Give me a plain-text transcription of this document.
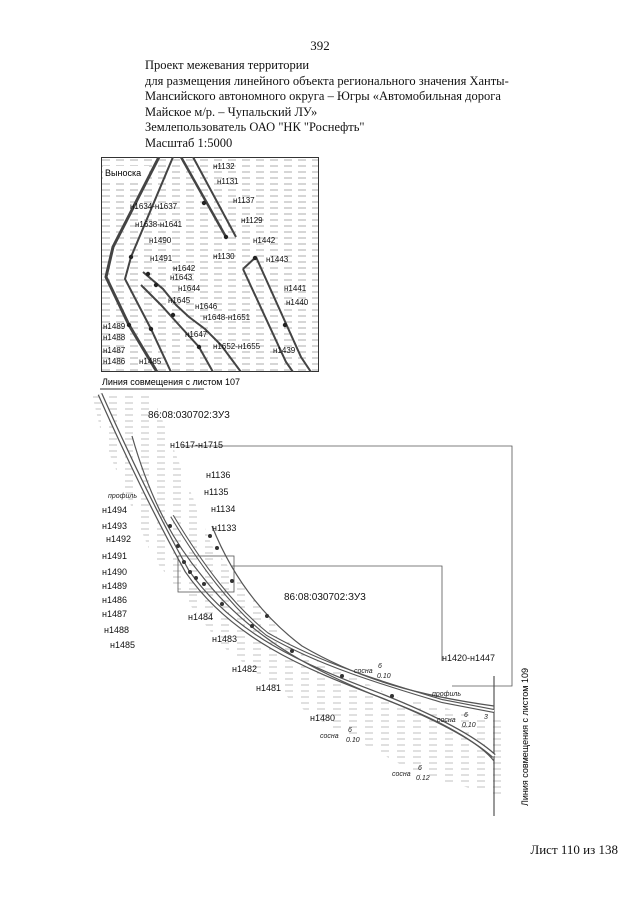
392
Проект межевания территории
для размещения линейного объекта регионального значения Ханты-
Мансийского автономного округа – Югры «Автомобильная дорога
Майское м/р. – Чупальский ЛУ»
Землепользователь ОАО "НК "Роснефть"
Масштаб 1:5000
Выноска
н1132
н1131
н1137
н1634-н1637
н1129
н1638-н1641
н1490	н1442
н1130
н1491	н1443
н1642
н1643
н1644	н1441
н1645	н1440
н1646
н1648-н1651
н1489
н1488	н1647
н1487	н1652-н1655
н1486 н1485
н1439
Линия совмещения с листом 107
Линия совмещения с листом 109
86:08:030702:ЗУ3
86:08:030702:ЗУ3
н1617-н1715
н1420-н1447
н1136
н1135
н1134
н1133
н1494
н1493
н1492
н1491
н1490
н1489
н1486
н1487
н1488
н1485
н1484
н1483
н1482
н1481
н1480
профиль
профиль
сосна
6
0.10
сосна
6
0.10
сосна
6
0.10
сосна
6
0.12
3
Лист 110 из 138
